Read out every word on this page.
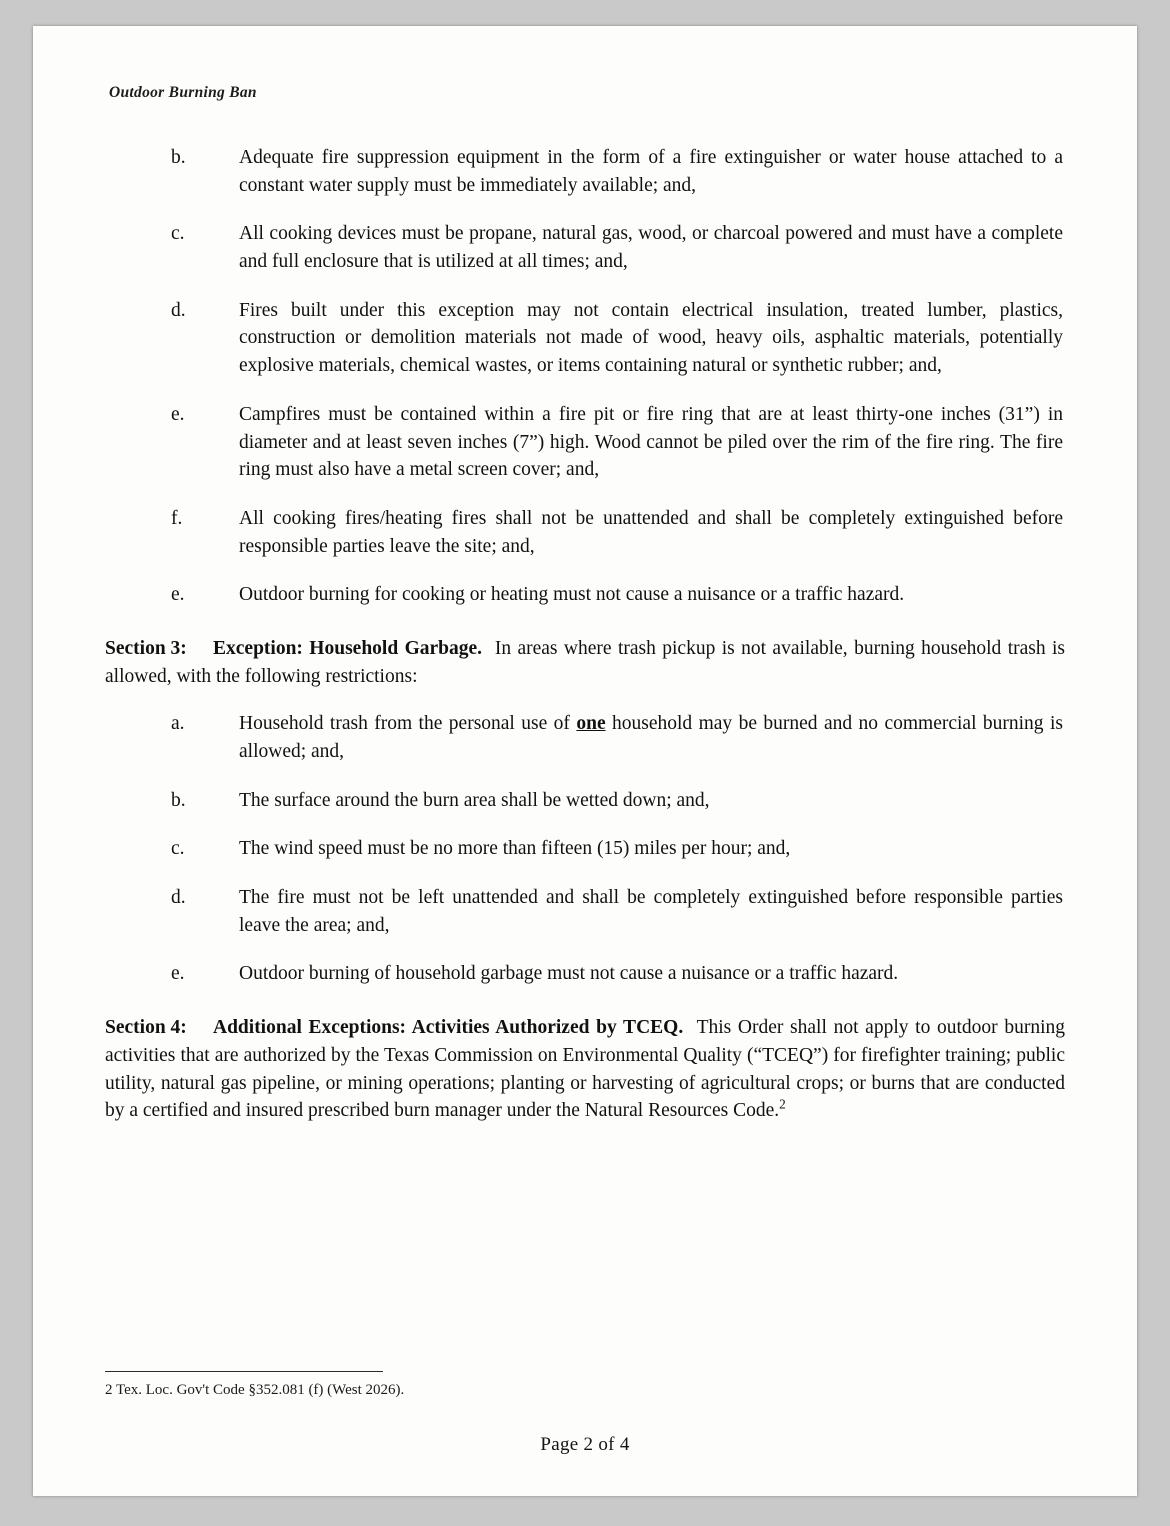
Outdoor Burning Ban
b.	Adequate fire suppression equipment in the form of a fire extinguisher or water house attached to a constant water supply must be immediately available; and,
c.	All cooking devices must be propane, natural gas, wood, or charcoal powered and must have a complete and full enclosure that is utilized at all times; and,
d.	Fires built under this exception may not contain electrical insulation, treated lumber, plastics, construction or demolition materials not made of wood, heavy oils, asphaltic materials, potentially explosive materials, chemical wastes, or items containing natural or synthetic rubber; and,
e.	Campfires must be contained within a fire pit or fire ring that are at least thirty-one inches (31”) in diameter and at least seven inches (7”) high. Wood cannot be piled over the rim of the fire ring. The fire ring must also have a metal screen cover; and,
f.	All cooking fires/heating fires shall not be unattended and shall be completely extinguished before responsible parties leave the site; and,
e.	Outdoor burning for cooking or heating must not cause a nuisance or a traffic hazard.
Section 3: Exception: Household Garbage. In areas where trash pickup is not available, burning household trash is allowed, with the following restrictions:
a.	Household trash from the personal use of one household may be burned and no commercial burning is allowed; and,
b.	The surface around the burn area shall be wetted down; and,
c.	The wind speed must be no more than fifteen (15) miles per hour; and,
d.	The fire must not be left unattended and shall be completely extinguished before responsible parties leave the area; and,
e.	Outdoor burning of household garbage must not cause a nuisance or a traffic hazard.
Section 4: Additional Exceptions: Activities Authorized by TCEQ. This Order shall not apply to outdoor burning activities that are authorized by the Texas Commission on Environmental Quality (“TCEQ”) for firefighter training; public utility, natural gas pipeline, or mining operations; planting or harvesting of agricultural crops; or burns that are conducted by a certified and insured prescribed burn manager under the Natural Resources Code.$^2$
2 Tex. Loc. Gov't Code §352.081 (f) (West 2026).
Page 2 of 4
